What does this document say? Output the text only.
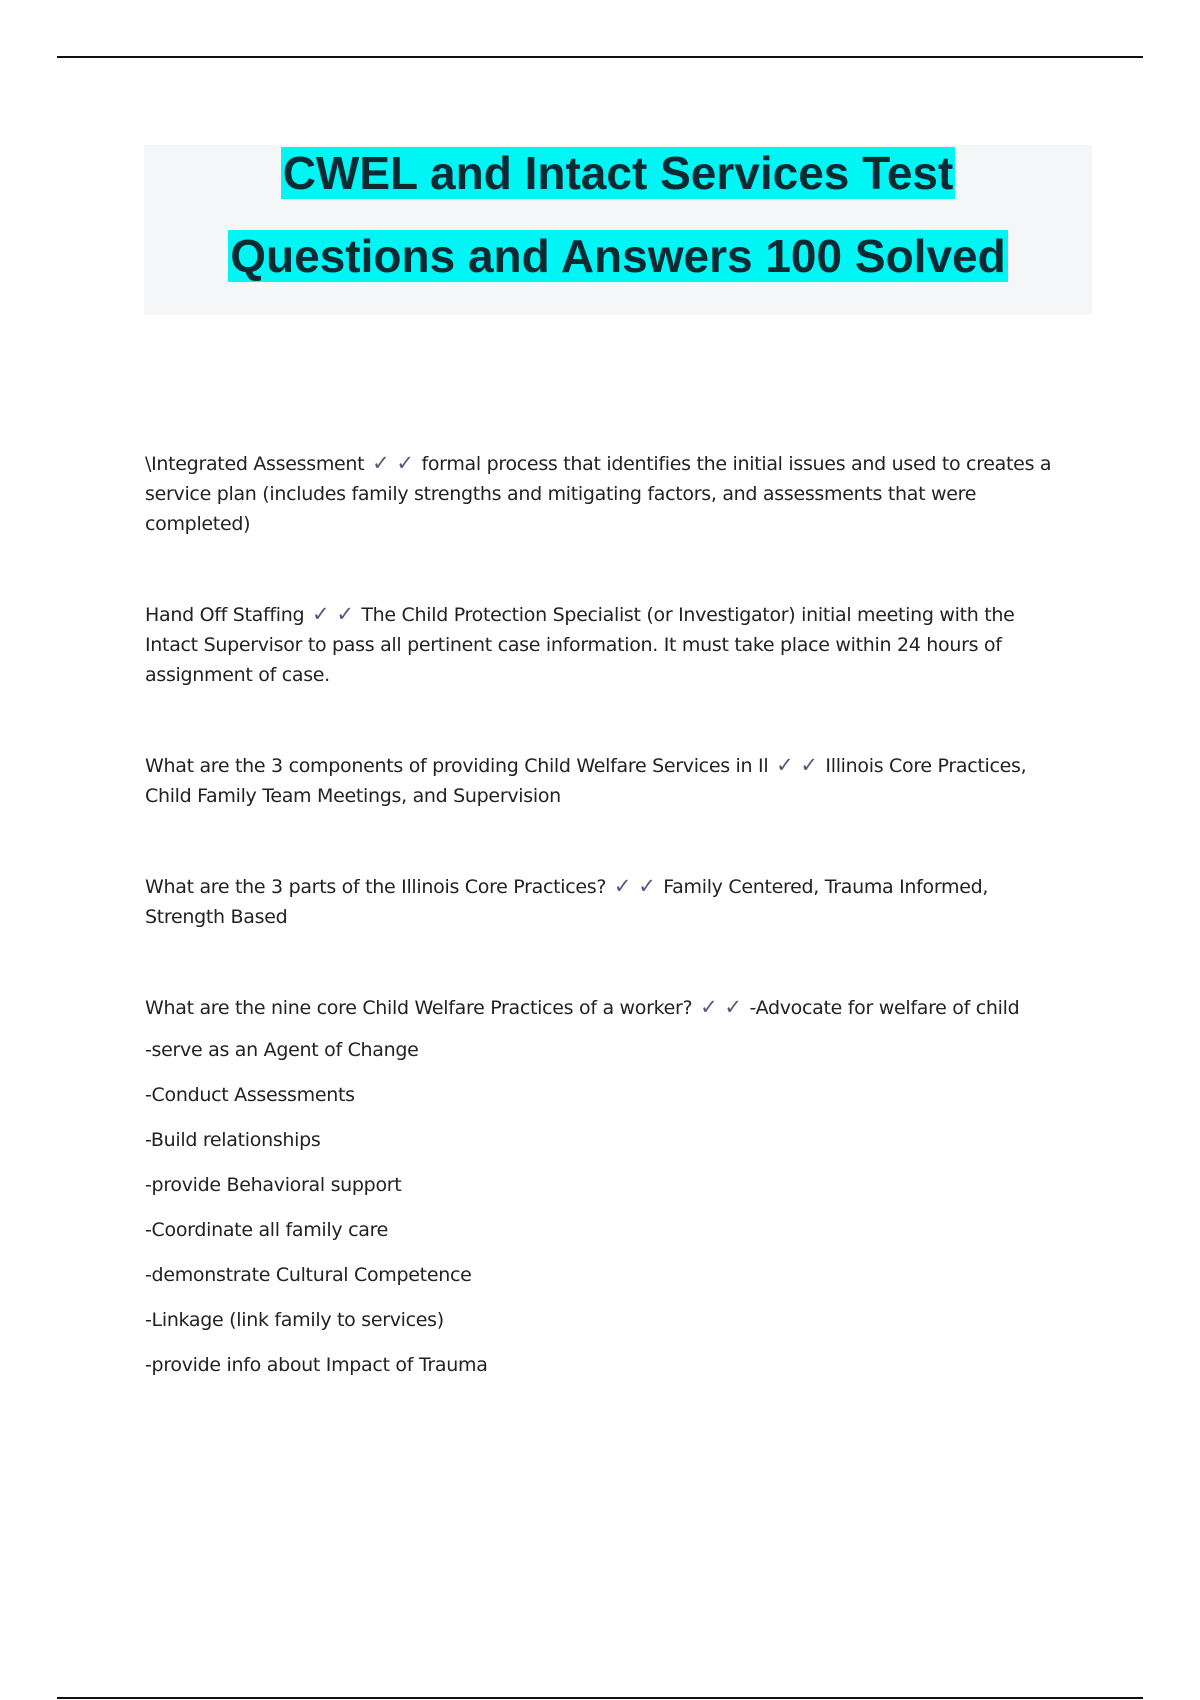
CWEL and Intact Services Test
Questions and Answers 100 Solved
\Integrated Assessment ✓ ✓ formal process that identifies the initial issues and used to creates a service plan (includes family strengths and mitigating factors, and assessments that were completed)
Hand Off Staffing ✓ ✓ The Child Protection Specialist (or Investigator) initial meeting with the Intact Supervisor to pass all pertinent case information. It must take place within 24 hours of assignment of case.
What are the 3 components of providing Child Welfare Services in Il ✓ ✓ Illinois Core Practices, Child Family Team Meetings, and Supervision
What are the 3 parts of the Illinois Core Practices? ✓ ✓ Family Centered, Trauma Informed, Strength Based
What are the nine core Child Welfare Practices of a worker? ✓ ✓ -Advocate for welfare of child
-serve as an Agent of Change
-Conduct Assessments
-Build relationships
-provide Behavioral support
-Coordinate all family care
-demonstrate Cultural Competence
-Linkage (link family to services)
-provide info about Impact of Trauma
